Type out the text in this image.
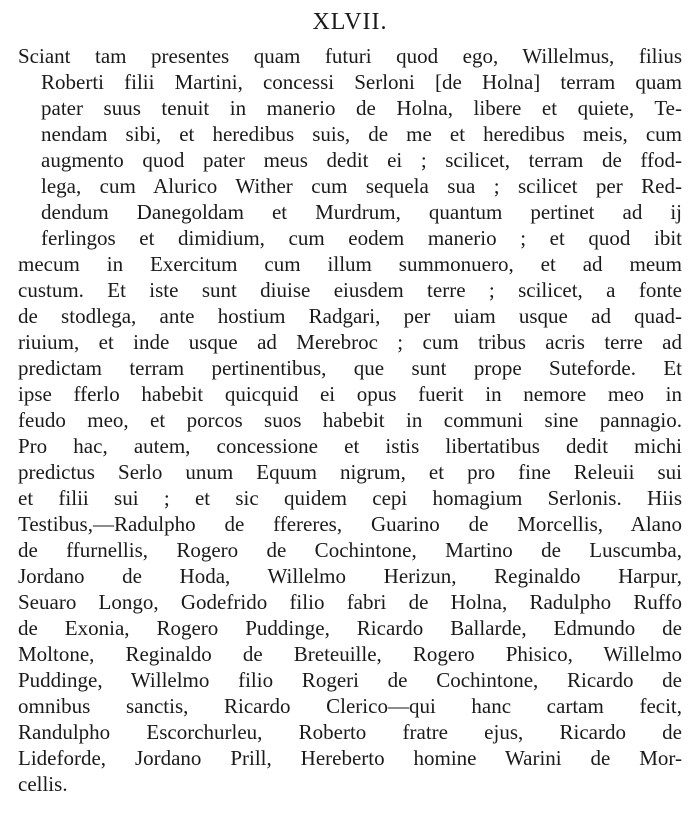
XLVII.
Sciant tam presentes quam futuri quod ego, Willelmus, filius
Roberti filii Martini, concessi Serloni [de Holna] terram quam
pater suus tenuit in manerio de Holna, libere et quiete, Te-
nendam sibi, et heredibus suis, de me et heredibus meis, cum
augmento quod pater meus dedit ei ; scilicet, terram de ffod-
lega, cum Alurico Wither cum sequela sua ; scilicet per Red-
dendum Danegoldam et Murdrum, quantum pertinet ad ij
ferlingos et dimidium, cum eodem manerio ; et quod ibit
mecum in Exercitum cum illum summonuero, et ad meum
custum. Et iste sunt diuise eiusdem terre ; scilicet, a fonte
de stodlega, ante hostium Radgari, per uiam usque ad quad-
riuium, et inde usque ad Merebroc ; cum tribus acris terre ad
predictam terram pertinentibus, que sunt prope Suteforde. Et
ipse fferlo habebit quicquid ei opus fuerit in nemore meo in
feudo meo, et porcos suos habebit in communi sine pannagio.
Pro hac, autem, concessione et istis libertatibus dedit michi
predictus Serlo unum Equum nigrum, et pro fine Releuii sui
et filii sui ; et sic quidem cepi homagium Serlonis. Hiis
Testibus,—Radulpho de ffereres, Guarino de Morcellis, Alano
de ffurnellis, Rogero de Cochintone, Martino de Luscumba,
Jordano de Hoda, Willelmo Herizun, Reginaldo Harpur,
Seuaro Longo, Godefrido filio fabri de Holna, Radulpho Ruffo
de Exonia, Rogero Puddinge, Ricardo Ballarde, Edmundo de
Moltone, Reginaldo de Breteuille, Rogero Phisico, Willelmo
Puddinge, Willelmo filio Rogeri de Cochintone, Ricardo de
omnibus sanctis, Ricardo Clerico—qui hanc cartam fecit,
Randulpho Escorchurleu, Roberto fratre ejus, Ricardo de
Lideforde, Jordano Prill, Hereberto homine Warini de Mor-
cellis.
